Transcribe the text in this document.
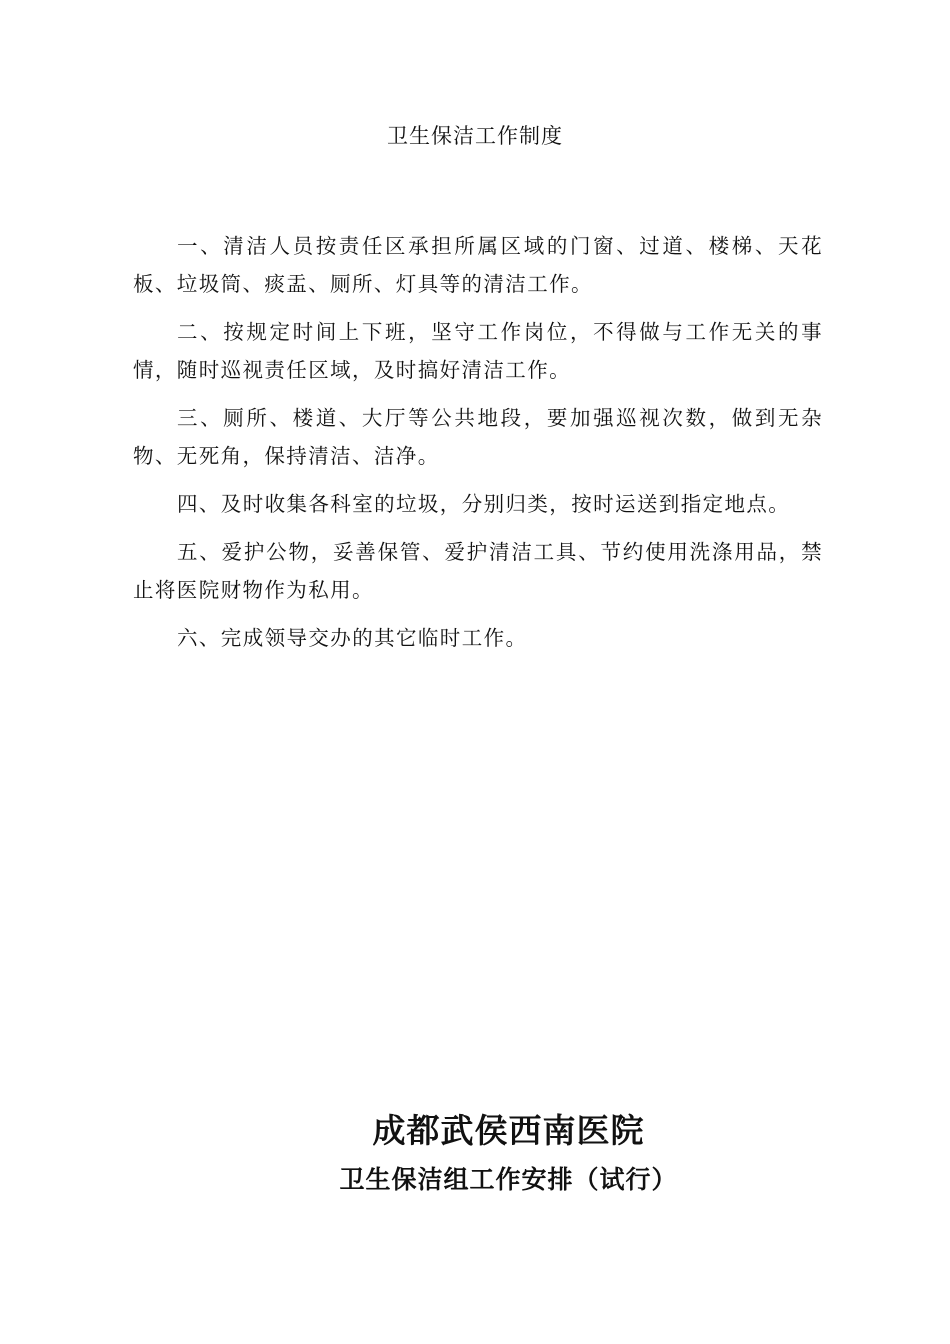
卫生保洁工作制度

一、清洁人员按责任区承担所属区域的门窗、过道、楼梯、天花板、垃圾筒、痰盂、厕所、灯具等的清洁工作。

二、按规定时间上下班，坚守工作岗位，不得做与工作无关的事情，随时巡视责任区域，及时搞好清洁工作。

三、厕所、楼道、大厅等公共地段，要加强巡视次数，做到无杂物、无死角，保持清洁、洁净。

四、及时收集各科室的垃圾，分别归类，按时运送到指定地点。

五、爱护公物，妥善保管、爱护清洁工具、节约使用洗涤用品，禁止将医院财物作为私用。

六、完成领导交办的其它临时工作。

成都武侯西南医院
卫生保洁组工作安排（试行）
